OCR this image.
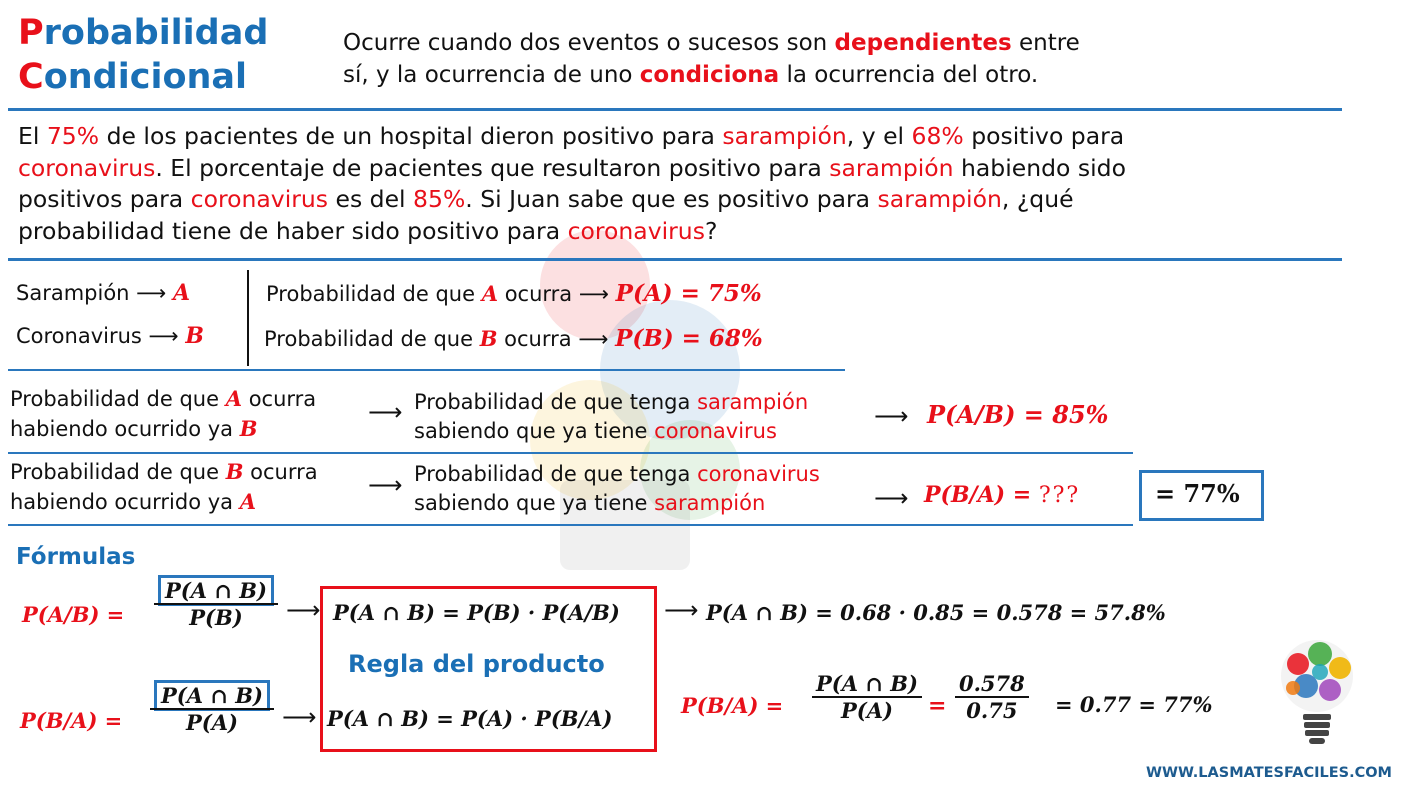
Probabilidad
Condicional
Ocurre cuando dos eventos o sucesos son dependientes entre
sí, y la ocurrencia de uno condiciona la ocurrencia del otro.
El 75% de los pacientes de un hospital dieron positivo para sarampión, y el 68% positivo para
coronavirus. El porcentaje de pacientes que resultaron positivo para sarampión habiendo sido
positivos para coronavirus es del 85%. Si Juan sabe que es positivo para sarampión, ¿qué
probabilidad tiene de haber sido positivo para coronavirus?
Sarampión ⟶ A
Coronavirus ⟶ B
Probabilidad de que A ocurra ⟶ P(A) = 75%
Probabilidad de que B ocurra ⟶ P(B) = 68%
Probabilidad de que A ocurra
habiendo ocurrido ya B
⟶ Probabilidad de que tenga sarampión
sabiendo que ya tiene coronavirus
⟶ P(A/B) = 85%
Probabilidad de que B ocurra
habiendo ocurrido ya A
⟶ Probabilidad de que tenga coronavirus
sabiendo que ya tiene sarampión	⟶ P(B/A) = ???	= 77%
Fórmulas
$P(A/B) = \frac{P(A \cap B)}{P(B)}$ ⟶ P(A ∩ B) = P(B) · P(A/B) ⟶ P(A ∩ B) = 0.68 · 0.85 = 0.578 = 57.8%
Regla del producto
$P(B/A) = \frac{P(A \cap B)}{P(A)}$ ⟶ P(A ∩ B) = P(A) · P(B/A)
$P(B/A) = \frac{P(A \cap B)}{P(A)} = \frac{0.578}{0.75} = 0.77 = 77\%$
WWW.LASMATESFACILES.COM
